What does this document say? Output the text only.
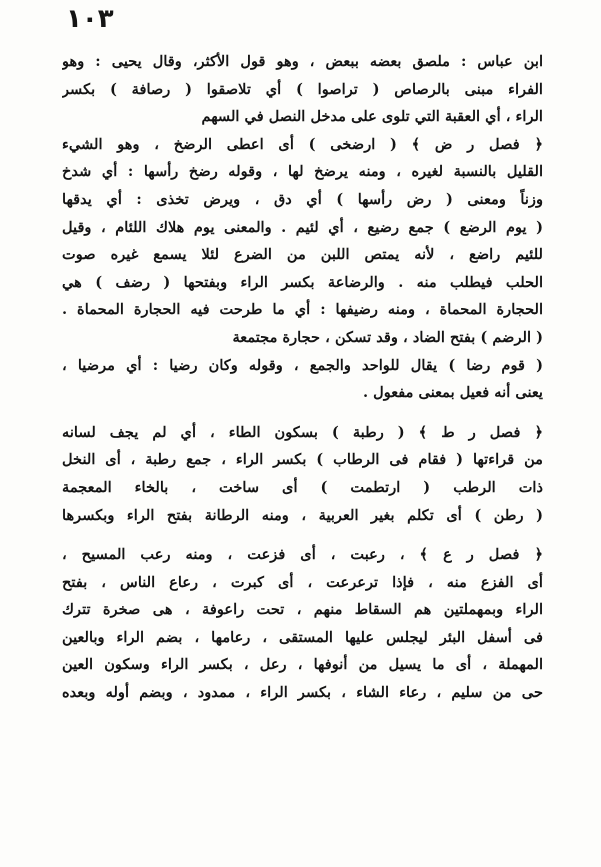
١٠٣
ابن عباس : ملصق بعضه ببعض ، وهو قول الأكثر، وقال يحيى : وهو
الفراء مبنى بالرصاص ( تراصوا ) أي تلاصقوا ( رصافة ) بكسر
الراء ، أي العقبة التي تلوى على مدخل النصل في السهم
﴿ فصل ر ض ﴾ ( ارضخى ) أى اعطى الرضخ ، وهو الشيء
القليل بالنسبة لغيره ، ومنه يرضخ لها ، وقوله رضخ رأسها : أي شدخ
وزناً ومعنى ( رض رأسها ) أي دق ، ويرض تخذى : أي يدقها
( يوم الرضع ) جمع رضيع ، أي لئيم . والمعنى يوم هلاك اللئام ، وقيل
للئيم راضع ، لأنه يمتص اللبن من الضرع لئلا يسمع غيره صوت
الحلب فيطلب منه . والرضاعة بكسر الراء وبفتحها ( رضف ) هي
الحجارة المحماة ، ومنه رضيفها : أي ما طرحت فيه الحجارة المحماة .
( الرضم ) بفتح الضاد ، وقد تسكن ، حجارة مجتمعة
( قوم رضا ) يقال للواحد والجمع ، وقوله وكان رضيا : أي مرضيا ،
يعنى أنه فعيل بمعنى مفعول .
﴿ فصل ر ط ﴾ ( رطبة ) بسكون الطاء ، أي لم يجف لسانه
من قراءتها ( فقام فى الرطاب ) بكسر الراء ، جمع رطبة ، أى النخل
ذات الرطب ( ارتطمت ) أى ساخت ، بالخاء المعجمة
( رطن ) أى تكلم بغير العربية ، ومنه الرطانة بفتح الراء وبكسرها
﴿ فصل ر ع ﴾ ، رعبت ، أى فزعت ، ومنه رعب المسيح ،
أى الفزع منه ، فإذا ترعرعت ، أى كبرت ، رعاع الناس ، بفتح
الراء وبمهملتين هم السقاط منهم ، تحت راعوفة ، هى صخرة تترك
فى أسفل البئر ليجلس عليها المستقى ، رعامها ، بضم الراء وبالعين
المهملة ، أى ما يسيل من أنوفها ، رعل ، بكسر الراء وسكون العين
حى من سليم ، رعاء الشاء ، بكسر الراء ، ممدود ، وبضم أوله وبعده
